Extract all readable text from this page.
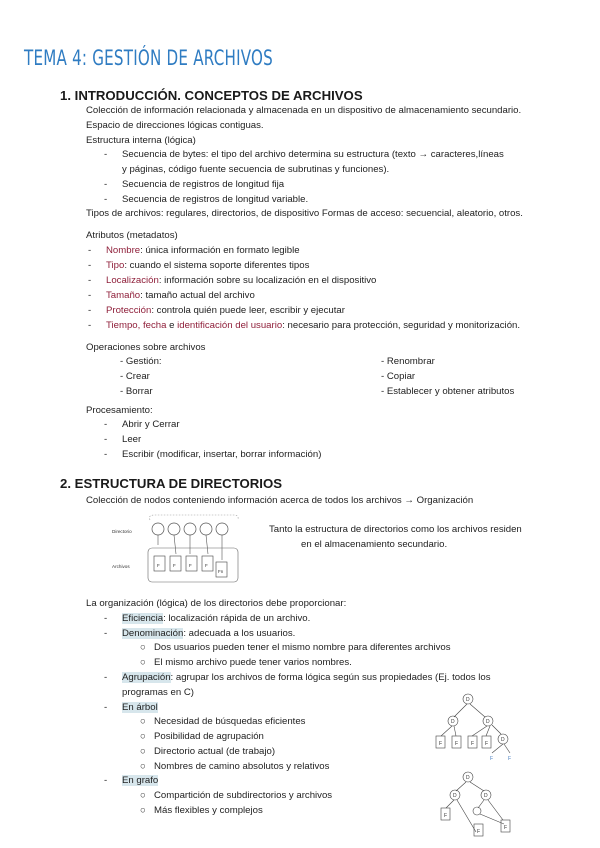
TEMA 4: GESTIÓN DE ARCHIVOS
1. INTRODUCCIÓN. CONCEPTOS DE ARCHIVOS
Colección de información relacionada y almacenada en un dispositivo de almacenamiento secundario.
Espacio de direcciones lógicas contiguas.
Estructura interna (lógica)
- Secuencia de bytes: el tipo del archivo determina su estructura (texto → caracteres,líneas
y páginas, código fuente secuencia de subrutinas y funciones).
- Secuencia de registros de longitud fija
- Secuencia de registros de longitud variable.
Tipos de archivos: regulares, directorios, de dispositivo Formas de acceso: secuencial, aleatorio, otros.
Atributos (metadatos)
- Nombre: única información en formato legible
- Tipo: cuando el sistema soporte diferentes tipos
- Localización: información sobre su localización en el dispositivo
- Tamaño: tamaño actual del archivo
- Protección: controla quién puede leer, escribir y ejecutar
- Tiempo, fecha e identificación del usuario: necesario para protección, seguridad y monitorización.
Operaciones sobre archivos
- Gestión:
- Crear
- Borrar
- Renombrar
- Copiar
- Establecer y obtener atributos
Procesamiento:
- Abrir y Cerrar
- Leer
- Escribir (modificar, insertar, borrar información)
2. ESTRUCTURA DE DIRECTORIOS
Colección de nodos conteniendo información acerca de todos los archivos → Organización
Directorio
Archivos	F	F	F	F
Fn
Tanto la estructura de directorios como los archivos residen
en el almacenamiento secundario.
La organización (lógica) de los directorios debe proporcionar:
- Eficiencia: localización rápida de un archivo.
- Denominación: adecuada a los usuarios.
○ Dos usuarios pueden tener el mismo nombre para diferentes archivos
○ El mismo archivo puede tener varios nombres.
- Agrupación: agrupar los archivos de forma lógica según sus propiedades (Ej. todos los
programas en C)
- En árbol
○ Necesidad de búsquedas eficientes
○ Posibilidad de agrupación
○ Directorio actual (de trabajo)
○ Nombres de camino absolutos y relativos
- En grafo
○ Compartición de subdirectorios y archivos
○ Más flexibles y complejos
D
D	D
D
F	F	F F
F	F
D
D	D
F
F
F
